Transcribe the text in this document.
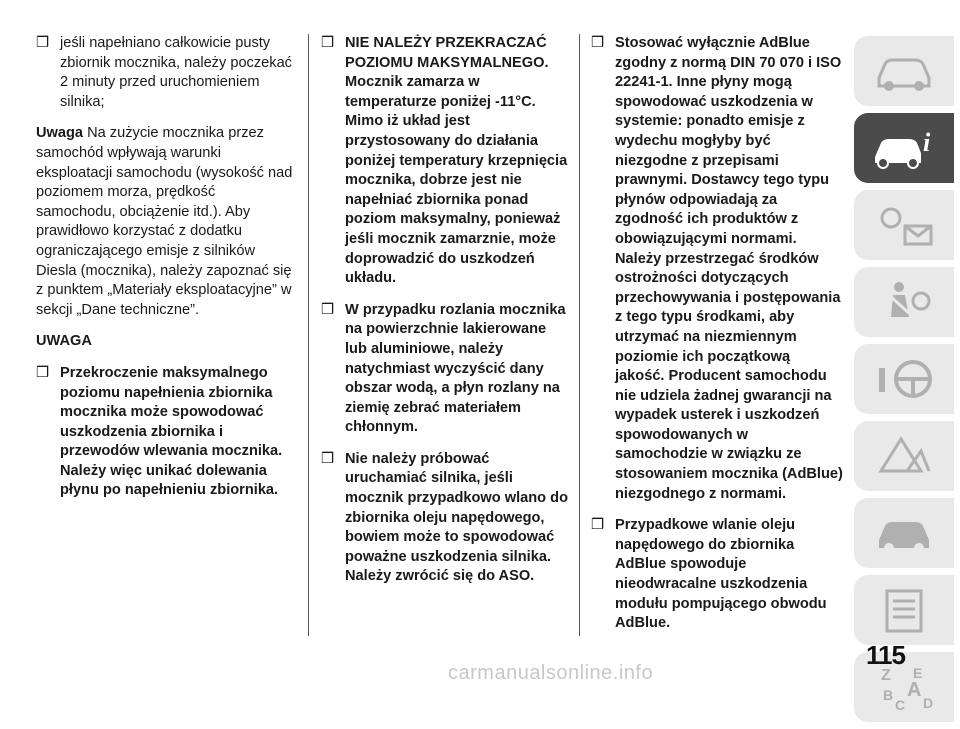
❒ jeśli napełniano całkowicie pusty zbiornik mocznika, należy poczekać 2 minuty przed uruchomieniem silnika;

Uwaga Na zużycie mocznika przez samochód wpływają warunki eksploatacji samochodu (wysokość nad poziomem morza, prędkość samochodu, obciążenie itd.). Aby prawidłowo korzystać z dodatku ograniczającego emisje z silników Diesla (mocznika), należy zapoznać się z punktem „Materiały eksploatacyjne” w sekcji „Dane techniczne”.

UWAGA
❒ Przekroczenie maksymalnego poziomu napełnienia zbiornika mocznika może spowodować uszkodzenia zbiornika i przewodów wlewania mocznika. Należy więc unikać dolewania płynu po napełnieniu zbiornika.
❒ NIE NALEŻY PRZEKRACZAĆ POZIOMU MAKSYMALNEGO. Mocznik zamarza w temperaturze poniżej -11°C. Mimo iż układ jest przystosowany do działania poniżej temperatury krzepnięcia mocznika, dobrze jest nie napełniać zbiornika ponad poziom maksymalny, ponieważ jeśli mocznik zamarznie, może doprowadzić do uszkodzeń układu.
❒ W przypadku rozlania mocznika na powierzchnie lakierowane lub aluminiowe, należy natychmiast wyczyścić dany obszar wodą, a płyn rozlany na ziemię zebrać materiałem chłonnym.
❒ Nie należy próbować uruchamiać silnika, jeśli mocznik przypadkowo wlano do zbiornika oleju napędowego, bowiem może to spowodować poważne uszkodzenia silnika. Należy zwrócić się do ASO.
❒ Stosować wyłącznie AdBlue zgodny z normą DIN 70 070 i ISO 22241-1. Inne płyny mogą spowodować uszkodzenia w systemie: ponadto emisje z wydechu mogłyby być niezgodne z przepisami prawnymi. Dostawcy tego typu płynów odpowiadają za zgodność ich produktów z obowiązującymi normami. Należy przestrzegać środków ostrożności dotyczących przechowywania i postępowania z tego typu środkami, aby utrzymać na niezmiennym poziomie ich początkową jakość. Producent samochodu nie udziela żadnej gwarancji na wypadek usterek i uszkodzeń spowodowanych w samochodzie w związku ze stosowaniem mocznika (AdBlue) niezgodnego z normami.
❒ Przypadkowe wlanie oleju napędowego do zbiornika AdBlue spowoduje nieodwracalne uszkodzenia modułu pompującego obwodu AdBlue.
i
Z E
B A
C D
115
carmanualsonline.info
